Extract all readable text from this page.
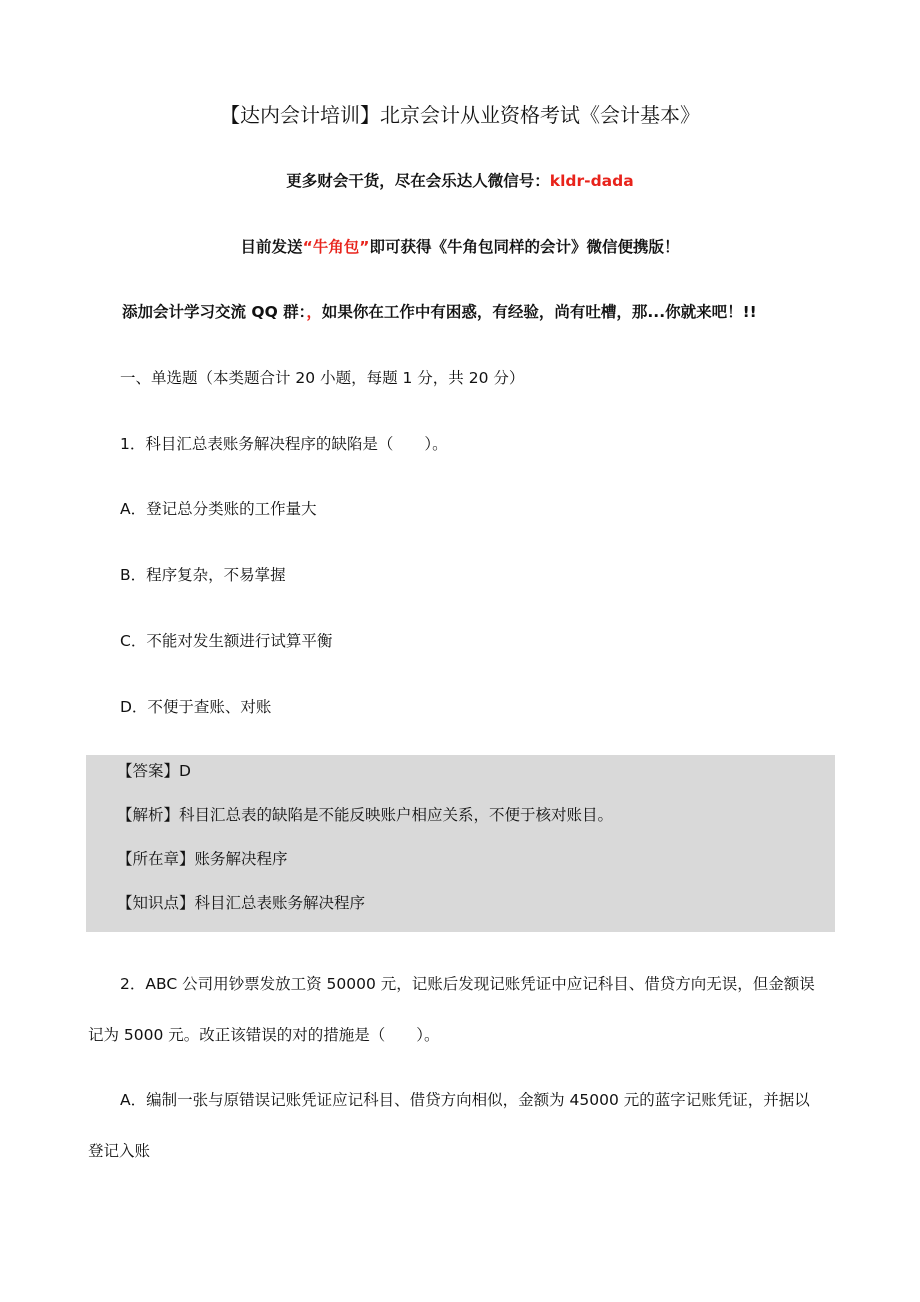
【达内会计培训】北京会计从业资格考试《会计基本》
更多财会干货，尽在会乐达人微信号：kldr-dada
目前发送“牛角包”即可获得《牛角包同样的会计》微信便携版！
添加会计学习交流 QQ 群：，如果你在工作中有困惑，有经验，尚有吐槽，那...你就来吧！!!
一、单选题（本类题合计 20 小题，每题 1 分，共 20 分）
1．科目汇总表账务解决程序的缺陷是（　　）。
A．登记总分类账的工作量大
B．程序复杂，不易掌握
C．不能对发生额进行试算平衡
D．不便于查账、对账
【答案】D
【解析】科目汇总表的缺陷是不能反映账户相应关系，不便于核对账目。
【所在章】账务解决程序
【知识点】科目汇总表账务解决程序
2．ABC 公司用钞票发放工资 50000 元，记账后发现记账凭证中应记科目、借贷方向无误，但金额误
记为 5000 元。改正该错误的对的措施是（　　）。
A．编制一张与原错误记账凭证应记科目、借贷方向相似，金额为 45000 元的蓝字记账凭证，并据以
登记入账
